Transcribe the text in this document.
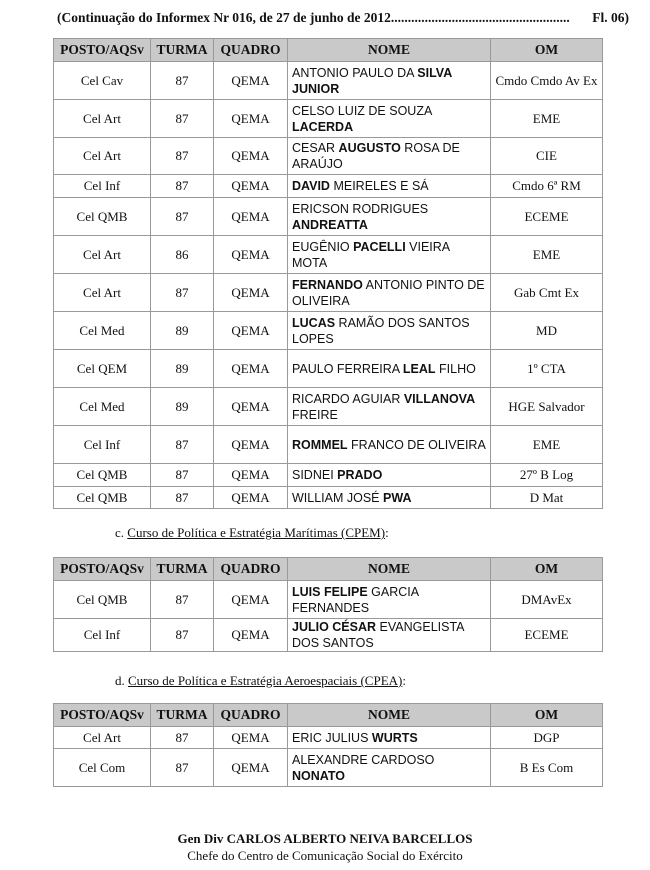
(Continuação do Informex Nr 016, de 27 de junho de 2012..................................................... Fl. 06)
POSTO/AQSv	TURMA	QUADRO	NOME	OM
Cel Cav	87	QEMA	ANTONIO PAULO DA SILVA JUNIOR	Cmdo Cmdo Av Ex
Cel Art	87	QEMA	CELSO LUIZ DE SOUZA LACERDA	EME
Cel Art	87	QEMA	CESAR AUGUSTO ROSA DE ARAÚJO	CIE
Cel Inf	87	QEMA	DAVID MEIRELES E SÁ	Cmdo 6ª RM
Cel QMB	87	QEMA	ERICSON RODRIGUES ANDREATTA	ECEME
Cel Art	86	QEMA	EUGÊNIO PACELLI VIEIRA MOTA	EME
Cel Art	87	QEMA	FERNANDO ANTONIO PINTO DE OLIVEIRA	Gab Cmt Ex
Cel Med	89	QEMA	LUCAS RAMÃO DOS SANTOS LOPES	MD
Cel QEM	89	QEMA	PAULO FERREIRA LEAL FILHO	1º CTA
Cel Med	89	QEMA	RICARDO AGUIAR VILLANOVA FREIRE	HGE Salvador
Cel Inf	87	QEMA	ROMMEL FRANCO DE OLIVEIRA	EME
Cel QMB	87	QEMA	SIDNEI PRADO	27º B Log
Cel QMB	87	QEMA	WILLIAM JOSÉ PWA	D Mat
c. Curso de Política e Estratégia Marítimas (CPEM):
POSTO/AQSv	TURMA	QUADRO	NOME	OM
Cel QMB	87	QEMA	LUIS FELIPE GARCIA FERNANDES	DMAvEx
Cel Inf	87	QEMA	JULIO CÉSAR EVANGELISTA DOS SANTOS	ECEME
d. Curso de Política e Estratégia Aeroespaciais (CPEA):
POSTO/AQSv	TURMA	QUADRO	NOME	OM
Cel Art	87	QEMA	ERIC JULIUS WURTS	DGP
Cel Com	87	QEMA	ALEXANDRE CARDOSO NONATO	B Es Com
Gen Div CARLOS ALBERTO NEIVA BARCELLOS
Chefe do Centro de Comunicação Social do Exército
